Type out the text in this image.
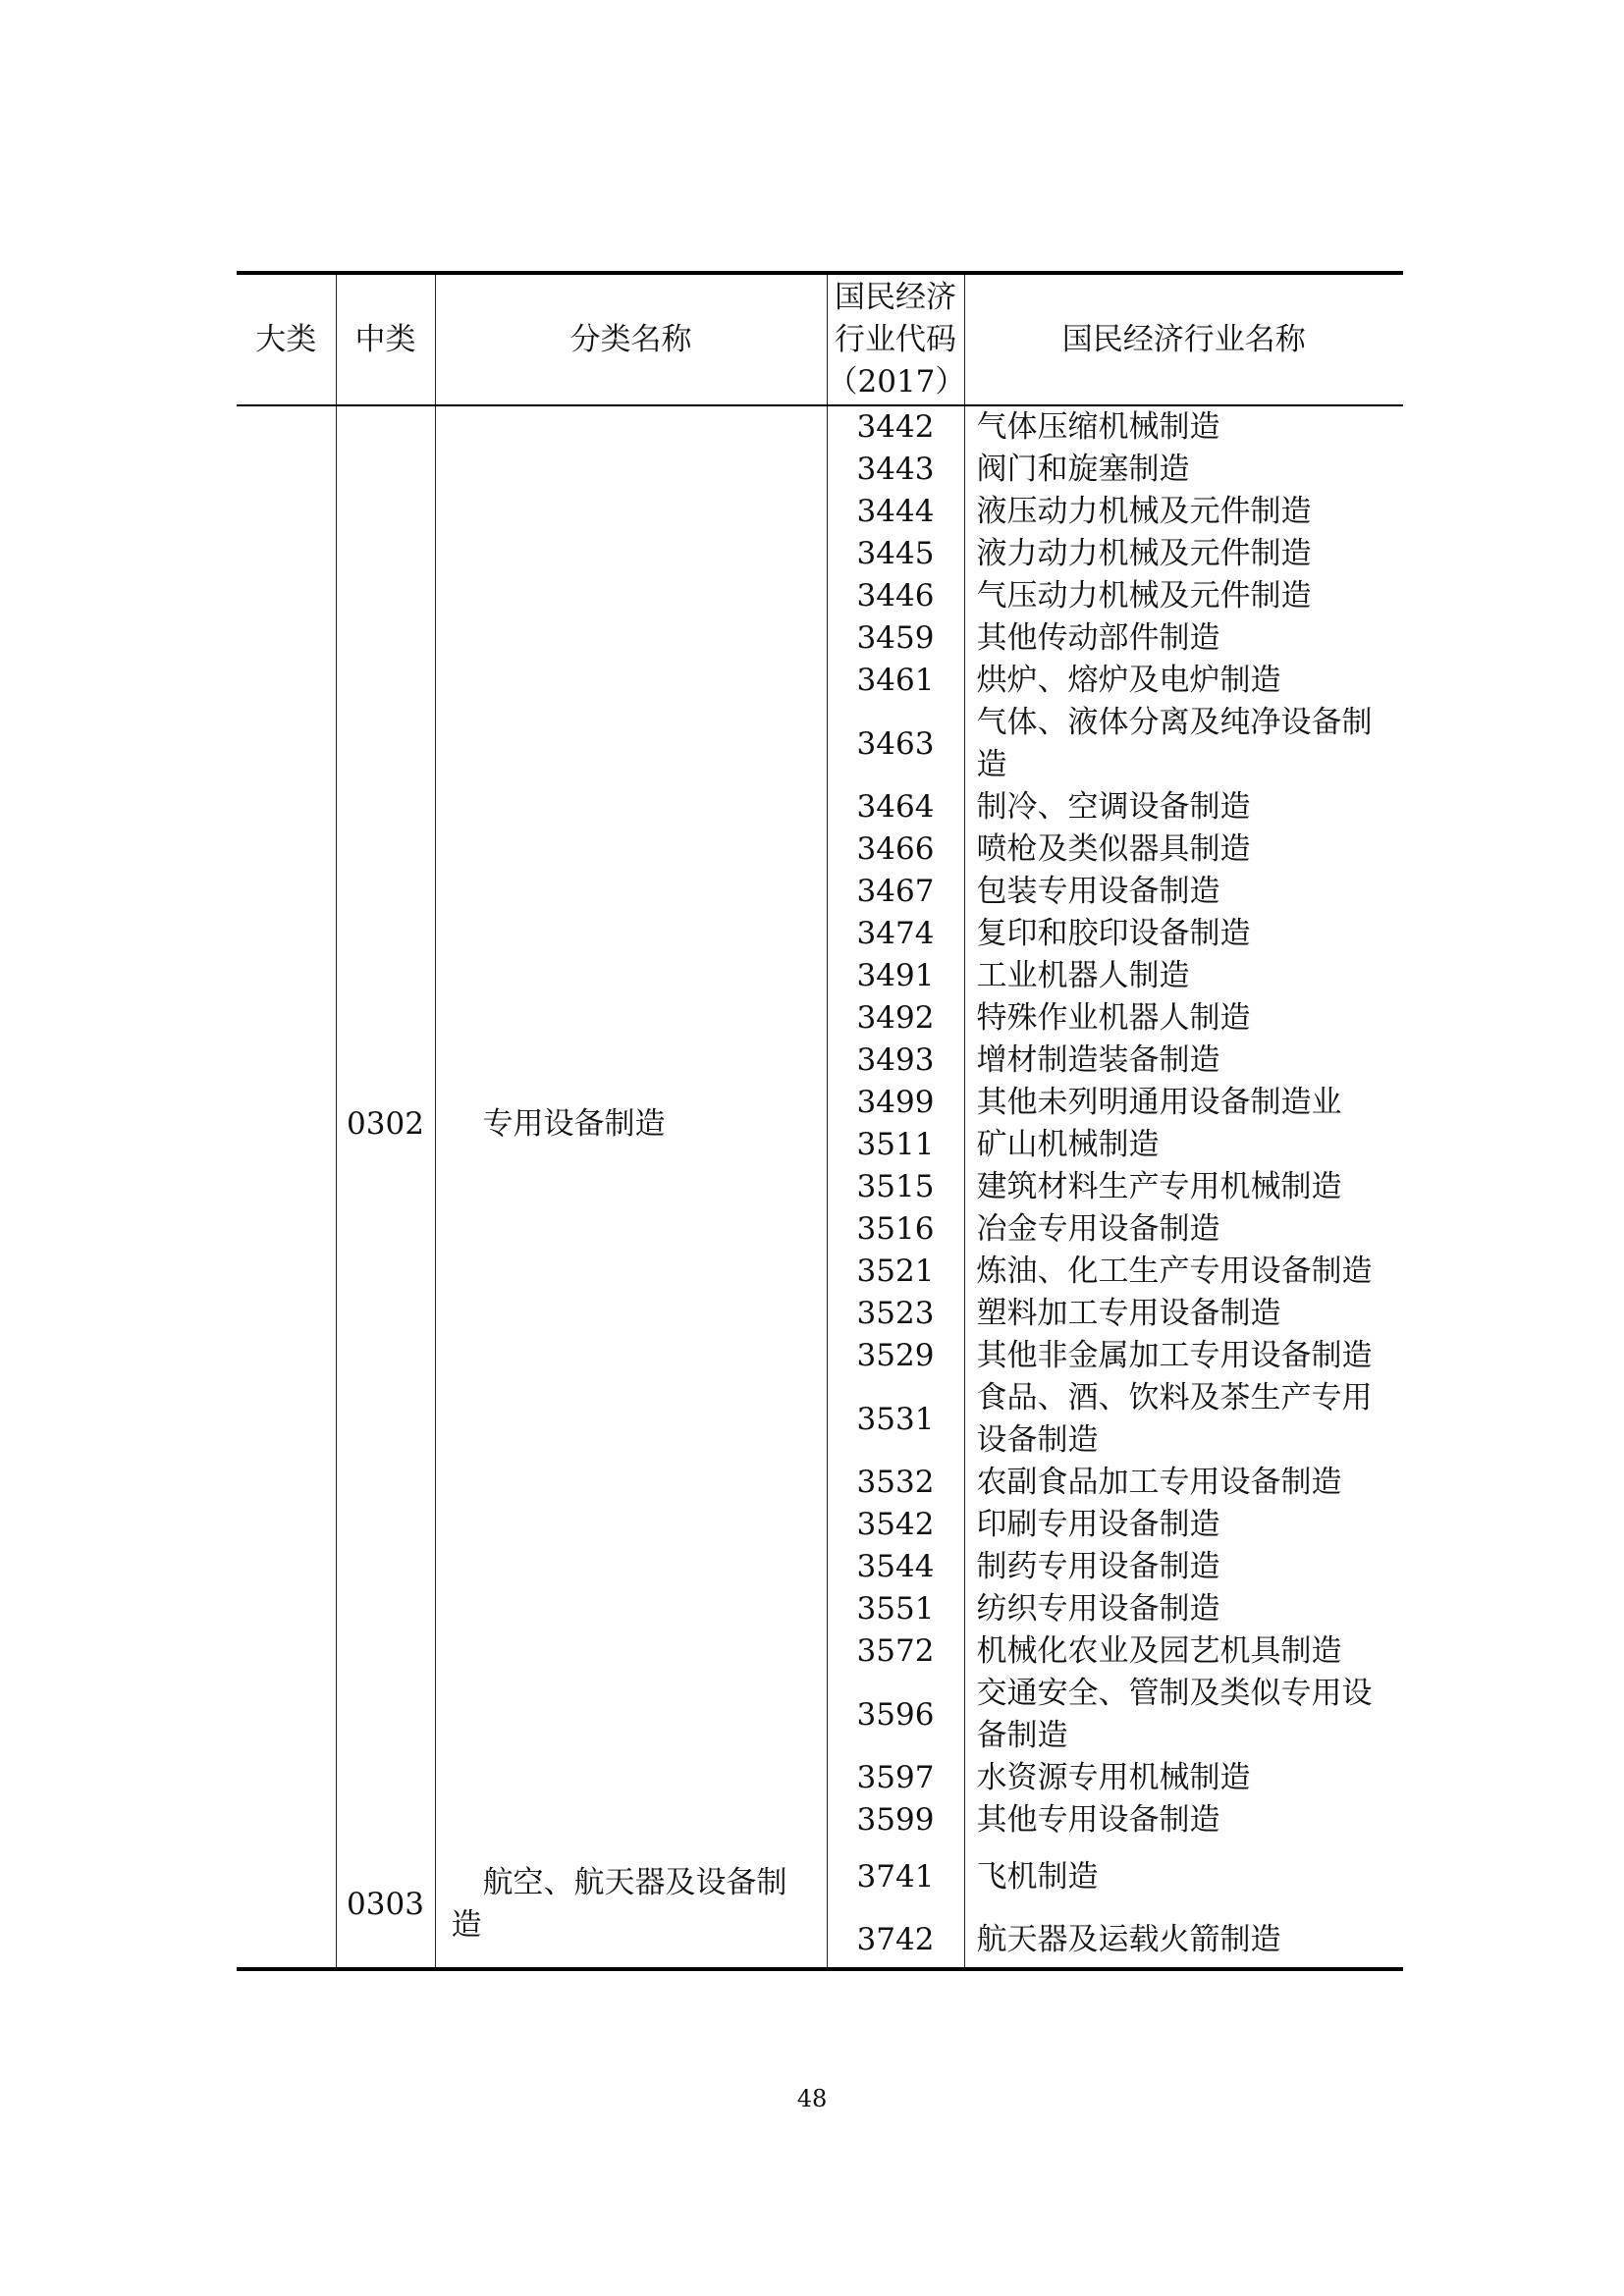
大类	中类	分类名称	国民经济
行业代码
（2017）	国民经济行业名称
	0302	专用设备制造	3442	气体压缩机械制造
			3443	阀门和旋塞制造
			3444	液压动力机械及元件制造
			3445	液力动力机械及元件制造
			3446	气压动力机械及元件制造
			3459	其他传动部件制造
			3461	烘炉、熔炉及电炉制造
			3463	气体、液体分离及纯净设备制造
			3464	制冷、空调设备制造
			3466	喷枪及类似器具制造
			3467	包装专用设备制造
			3474	复印和胶印设备制造
			3491	工业机器人制造
			3492	特殊作业机器人制造
			3493	增材制造装备制造
			3499	其他未列明通用设备制造业
			3511	矿山机械制造
			3515	建筑材料生产专用机械制造
			3516	冶金专用设备制造
			3521	炼油、化工生产专用设备制造
			3523	塑料加工专用设备制造
			3529	其他非金属加工专用设备制造
			3531	食品、酒、饮料及茶生产专用设备制造
			3532	农副食品加工专用设备制造
			3542	印刷专用设备制造
			3544	制药专用设备制造
			3551	纺织专用设备制造
			3572	机械化农业及园艺机具制造
			3596	交通安全、管制及类似专用设备制造
			3597	水资源专用机械制造
			3599	其他专用设备制造
	0303	航空、航天器及设备制造	3741	飞机制造
			3742	航天器及运载火箭制造
48
